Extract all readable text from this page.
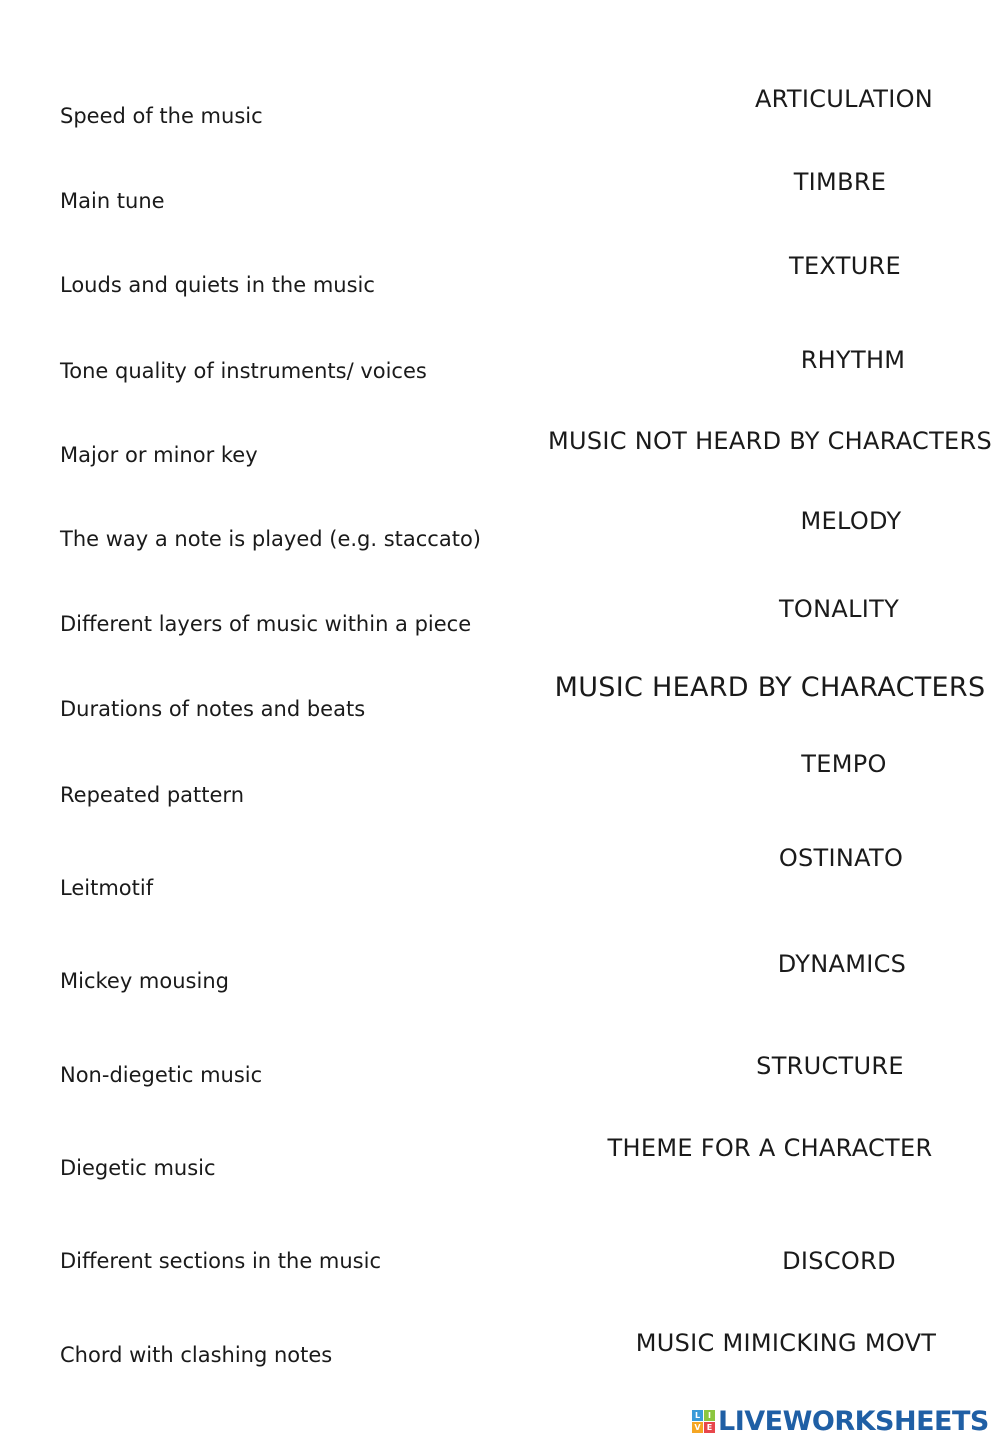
Speed of the music
Main tune
Louds and quiets in the music
Tone quality of instruments/ voices
Major or minor key
The way a note is played (e.g. staccato)
Different layers of music within a piece
Durations of notes and beats
Repeated pattern
Leitmotif
Mickey mousing
Non-diegetic music
Diegetic music
Different sections in the music
Chord with clashing notes
ARTICULATION
TIMBRE
TEXTURE
RHYTHM
MUSIC NOT HEARD BY CHARACTERS
MELODY
TONALITY
MUSIC HEARD BY CHARACTERS
TEMPO
OSTINATO
DYNAMICS
STRUCTURE
THEME FOR A CHARACTER
DISCORD
MUSIC MIMICKING MOVT
L I
V E LIVEWORKSHEETS
